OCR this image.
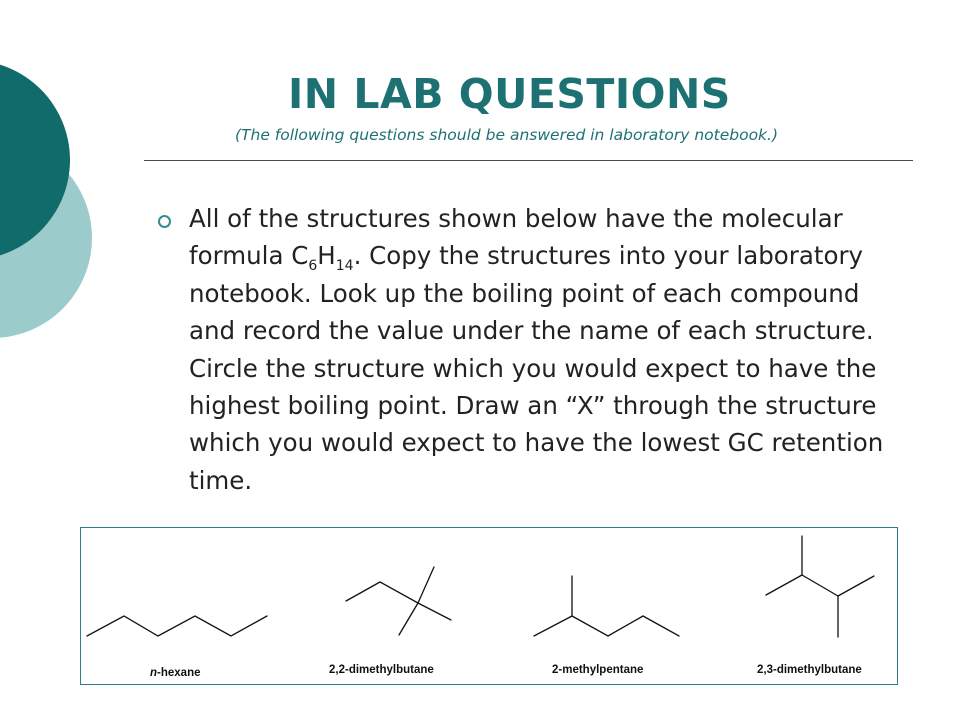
IN LAB QUESTIONS

(The following questions should be answered in laboratory notebook.)

All of the structures shown below have the molecular formula $C_6H_{14}$. Copy the structures into your laboratory notebook. Look up the boiling point of each compound and record the value under the name of each structure. Circle the structure which you would expect to have the highest boiling point. Draw an “X” through the structure which you would expect to have the lowest GC retention time.

n-hexane	2,2-dimethylbutane	2-methylpentane	2,3-dimethylbutane
